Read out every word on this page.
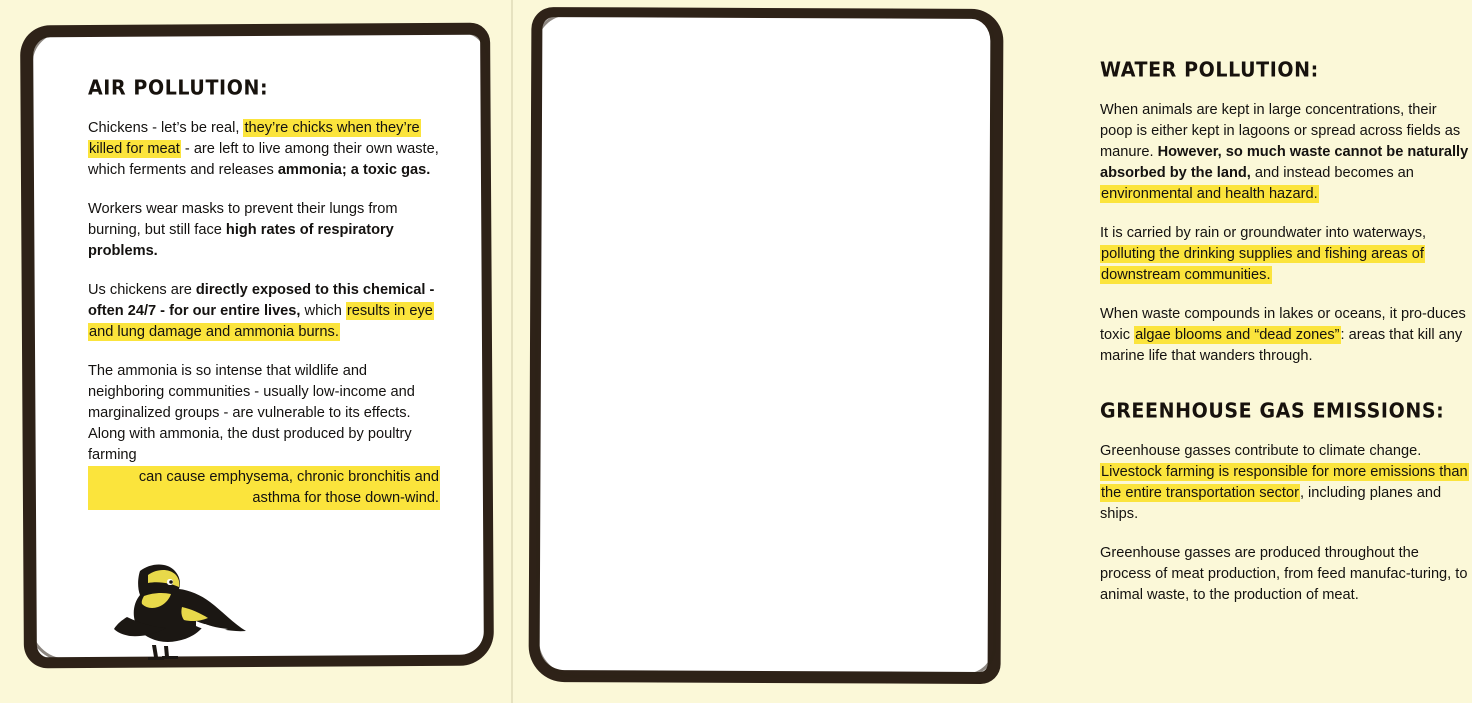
AIR POLLUTION:

Chickens - let’s be real, they’re chicks when they’re killed for meat - are left to live among their own waste, which ferments and releases ammonia; a toxic gas.

Workers wear masks to prevent their lungs from burning, but still face high rates of respiratory problems.

Us chickens are directly exposed to this chemical - often 24/7 - for our entire lives, which results in eye and lung damage and ammonia burns.

The ammonia is so intense that wildlife and neighboring communities - usually low-income and marginalized groups - are vulnerable to its effects. Along with ammonia, the dust produced by poultry farming
can cause emphysema, chronic bronchitis and asthma for those down-wind.

WATER POLLUTION:

When animals are kept in large concentrations, their poop is either kept in lagoons or spread across fields as manure. However, so much waste cannot be naturally absorbed by the land, and instead becomes an environmental and health hazard.

It is carried by rain or groundwater into waterways, polluting the drinking supplies and fishing areas of downstream communities.

When waste compounds in lakes or oceans, it pro-duces toxic algae blooms and “dead zones”: areas that kill any marine life that wanders through.

GREENHOUSE GAS EMISSIONS:

Greenhouse gasses contribute to climate change. Livestock farming is responsible for more emissions than the entire transportation sector, including planes and ships.

Greenhouse gasses are produced throughout the process of meat production, from feed manufac-turing, to animal waste, to the production of meat.
